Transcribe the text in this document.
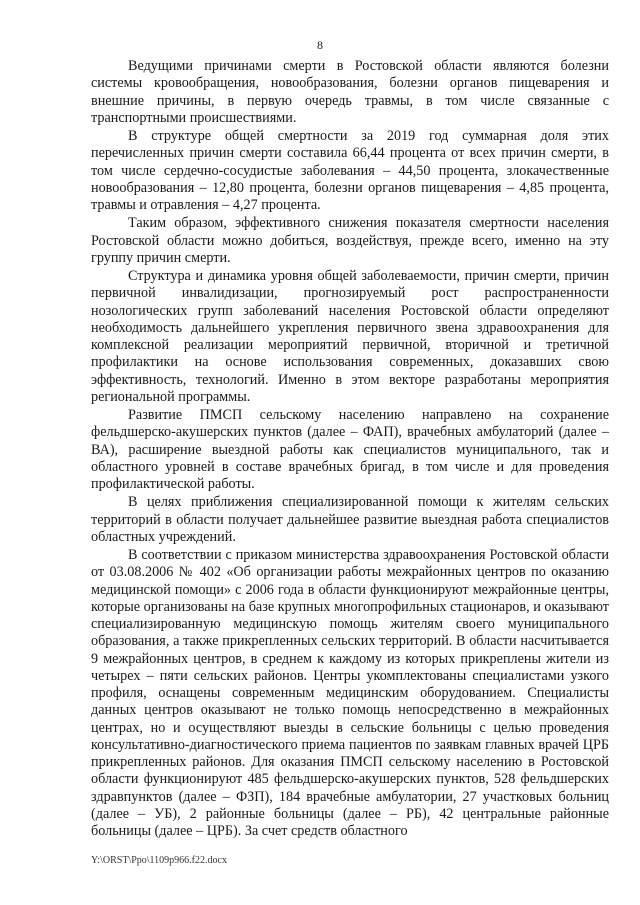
8

Ведущими причинами смерти в Ростовской области являются болезни системы кровообращения, новообразования, болезни органов пищеварения и внешние причины, в первую очередь травмы, в том числе связанные с транспортными происшествиями.

В структуре общей смертности за 2019 год суммарная доля этих перечисленных причин смерти составила 66,44 процента от всех причин смерти, в том числе сердечно-сосудистые заболевания – 44,50 процента, злокачественные новообразования – 12,80 процента, болезни органов пищеварения – 4,85 процента, травмы и отравления – 4,27 процента.

Таким образом, эффективного снижения показателя смертности населения Ростовской области можно добиться, воздействуя, прежде всего, именно на эту группу причин смерти.

Структура и динамика уровня общей заболеваемости, причин смерти, причин первичной инвалидизации, прогнозируемый рост распространенности нозологических групп заболеваний населения Ростовской области определяют необходимость дальнейшего укрепления первичного звена здравоохранения для комплексной реализации мероприятий первичной, вторичной и третичной профилактики на основе использования современных, доказавших свою эффективность, технологий. Именно в этом векторе разработаны мероприятия региональной программы.

Развитие ПМСП сельскому населению направлено на сохранение фельдшерско-акушерских пунктов (далее – ФАП), врачебных амбулаторий (далее – ВА), расширение выездной работы как специалистов муниципального, так и областного уровней в составе врачебных бригад, в том числе и для проведения профилактической работы.

В целях приближения специализированной помощи к жителям сельских территорий в области получает дальнейшее развитие выездная работа специалистов областных учреждений.

В соответствии с приказом министерства здравоохранения Ростовской области от 03.08.2006 № 402 «Об организации работы межрайонных центров по оказанию медицинской помощи» с 2006 года в области функционируют межрайонные центры, которые организованы на базе крупных многопрофильных стационаров, и оказывают специализированную медицинскую помощь жителям своего муниципального образования, а также прикрепленных сельских территорий. В области насчитывается 9 межрайонных центров, в среднем к каждому из которых прикреплены жители из четырех – пяти сельских районов. Центры укомплектованы специалистами узкого профиля, оснащены современным медицинским оборудованием. Специалисты данных центров оказывают не только помощь непосредственно в межрайонных центрах, но и осуществляют выезды в сельские больницы с целью проведения консультативно-диагностического приема пациентов по заявкам главных врачей ЦРБ прикрепленных районов. Для оказания ПМСП сельскому населению в Ростовской области функционируют 485 фельдшерско-акушерских пунктов, 528 фельдшерских здравпунктов (далее – ФЗП), 184 врачебные амбулатории, 27 участковых больниц (далее – УБ), 2 районные больницы (далее – РБ), 42 центральные районные больницы (далее – ЦРБ). За счет средств областного

Y:\ORST\Ppo\1109p966.f22.docx
